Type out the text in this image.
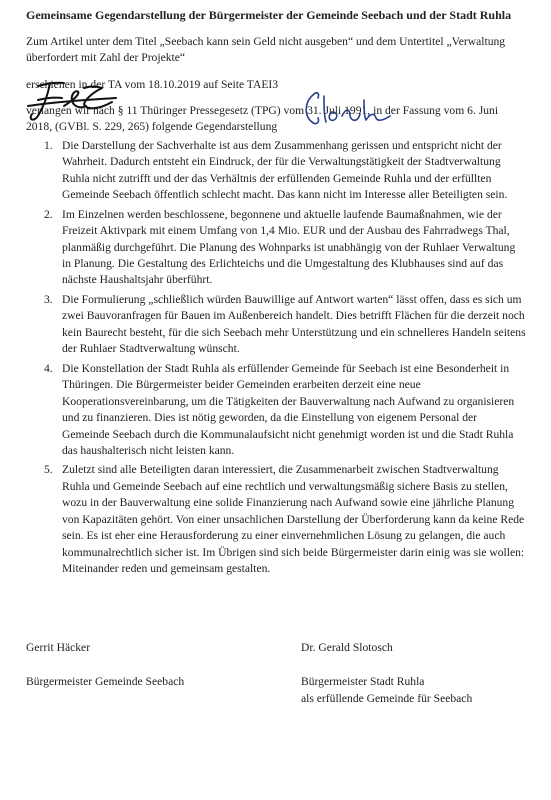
Gemeinsame Gegendarstellung der Bürgermeister der Gemeinde Seebach und der Stadt Ruhla

Zum Artikel unter dem Titel „Seebach kann sein Geld nicht ausgeben“ und dem Untertitel „Verwaltung überfordert mit Zahl der Projekte“

erschienen in der TA vom 18.10.2019 auf Seite TAEI3

verlangen wir nach § 11 Thüringer Pressegesetz (TPG) vom 31. Juli 1991, in der Fassung vom 6. Juni 2018, (GVBl. S. 229, 265) folgende Gegendarstellung

1. Die Darstellung der Sachverhalte ist aus dem Zusammenhang gerissen und entspricht nicht der Wahrheit. Dadurch entsteht ein Eindruck, der für die Verwaltungstätigkeit der Stadtverwaltung Ruhla nicht zutrifft und der das Verhältnis der erfüllenden Gemeinde Ruhla und der erfüllten Gemeinde Seebach öffentlich schlecht macht. Das kann nicht im Interesse aller Beteiligten sein.
2. Im Einzelnen werden beschlossene, begonnene und aktuelle laufende Baumaßnahmen, wie der Freizeit Aktivpark mit einem Umfang von 1,4 Mio. EUR und der Ausbau des Fahrradwegs Thal, planmäßig durchgeführt. Die Planung des Wohnparks ist unabhängig von der Ruhlaer Verwaltung in Planung. Die Gestaltung des Erlichteichs und die Umgestaltung des Klubhauses sind auf das nächste Haushaltsjahr überführt.
3. Die Formulierung „schließlich würden Bauwillige auf Antwort warten“ lässt offen, dass es sich um zwei Bauvoranfragen für Bauen im Außenbereich handelt. Dies betrifft Flächen für die derzeit noch kein Baurecht besteht, für die sich Seebach mehr Unterstützung und ein schnelleres Handeln seitens der Ruhlaer Stadtverwaltung wünscht.
4. Die Konstellation der Stadt Ruhla als erfüllender Gemeinde für Seebach ist eine Besonderheit in Thüringen. Die Bürgermeister beider Gemeinden erarbeiten derzeit eine neue Kooperationsvereinbarung, um die Tätigkeiten der Bauverwaltung nach Aufwand zu organisieren und zu finanzieren. Dies ist nötig geworden, da die Einstellung von eigenem Personal der Gemeinde Seebach durch die Kommunalaufsicht nicht genehmigt worden ist und die Stadt Ruhla das haushalterisch nicht leisten kann.
5. Zuletzt sind alle Beteiligten daran interessiert, die Zusammenarbeit zwischen Stadtverwaltung Ruhla und Gemeinde Seebach auf eine rechtlich und verwaltungsmäßig sichere Basis zu stellen, wozu in der Bauverwaltung eine solide Finanzierung nach Aufwand sowie eine jährliche Planung von Kapazitäten gehört. Von einer unsachlichen Darstellung der Überforderung kann da keine Rede sein. Es ist eher eine Herausforderung zu einer einvernehmlichen Lösung zu gelangen, die auch kommunalrechtlich sicher ist. Im Übrigen sind sich beide Bürgermeister darin einig was sie wollen: Miteinander reden und gemeinsam gestalten.

Gerrit Häcker

Bürgermeister Gemeinde Seebach

Dr. Gerald Slotosch

Bürgermeister Stadt Ruhla

als erfüllende Gemeinde für Seebach
